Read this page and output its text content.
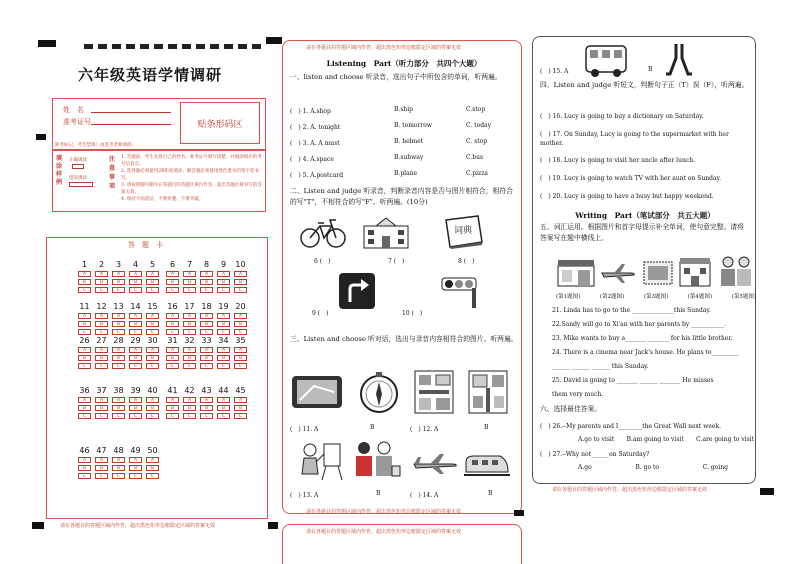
六年级英语学情调研
姓　名
准考证号	贴条形码区
缺考标记，考生禁填！由监考老师填涂。
填涂样例
正确填涂
错误填涂
注意事项
1. 答题前，考生先将自己的姓名、准考证号填写清楚，并填涂相应的考号信息点。
2. 选择题必须使用2B铅笔填涂；解答题必须使用黑色墨水的签字笔书写。
3. 请按照题号顺序在各题目的答题区域内作答，超出答题区域书写的答案无效。
4. 保持卡面清洁，不要折叠、不要弄破。
答　题　卡
1	2	3	4	5
A	A	A	A	A
B	B	B	B	B
C	C	C	C	C
6	7	8	9	10
A	A	A	A	A
B	B	B	B	B
C	C	C	C	C
11 12 13 14 15
A	A	A	A	A
B	B	B	B	B
C	C	C	C	C
16 17 18 19 20
A	A	A	A	A
B	B	B	B	B
C	C	C	C	C
26 27 28 29 30
A	A	A	A	A
B	B	B	B	B
C	C	C	C	C
31 32 33 34 35
A	A	A	A	A
B	B	B	B	B
C	C	C	C	C
36 37 38 39 40
A	A	A	A	A
B	B	B	B	B
C	C	C	C	C
41 42 43 44 45
A	A	A	A	A
B	B	B	B	B
C	C	C	C	C
46 47 48 49 50
A	A	A	A	A
B	B	B	B	B
C	C	C	C	C
请在各题目的答题区域内作答，超出黑色矩形边框限定区域的答案无效
请在各题目的答题区域内作答，超出黑色矩形边框限定区域的答案无效
Listening　Part（听力部分　共四个大题）
一、listen and choose 听录音，选出句子中所包含的单词，听两遍。
(　) 1. A.shop	B.ship	C.stop
(　) 2. A. tonight	B. tomorrow	C. today
(　) 3. A. A must	B. helmet	C. stop
(　) 4. A.space	B.subway	C.bus
(　) 5. A.postcard	B.plane	C.pizza
二、Listen and judge 听录音，判断录音内容是否与图片相符合，相符合的写"T"，不相符合的写"F"。听两遍。(10分)
词典
6 (　)	7 (　)	8 (　)
9 (　)	10 (　)
三、Listen and choose 听对话，选出与录音内容相符合的图片。听两遍。
(　) 11. A	B	(　) 12. A	B
(　) 13. A	B	(　) 14. A	B
请在各题目的答题区域内作答，超出黑色矩形边框限定区域的答案无效
请在各题目的答题区域内作答，超出黑色矩形边框限定区域的答案无效
(　) 15. A	B
四、Listen and judge 听短文，判断句子正（T）误（F），听两遍。
(　) 16. Lucy is going to buy a dictionary on Saturday.
(　) 17. On Sunday, Lucy is going to the supermarket with her mother.
(　) 18. Lucy is going to visit her uncle after lunch.
(　) 19. Lucy is going to watch TV with her aunt on Sunday.
(　) 20. Lucy is going to have a busy but happy weekend.
Writing　Part（笔试部分　共五大题）
五、词汇运用。根据图片和首字母提示补全单词，使句意完整。请将答案写在题中横线上。
(第1题图)	(第2题图)	(第3题图)	(第4题图)	(第5题图)
21. Linda has to go to the ______________this Sunday.
22.Sandy will go to Xi'an with her parents by ___________.
23. Mike wants to buy a_______ _______ for his little brother.
24. There is a cinema near Jack's house. He plans to_________
______ ______ ______ this Sunday.
25. David is going to _______ ______ _______ He misses
them very much.
六、选择最佳答案。
(　) 26.--My parents and I________the Great Wall next week.
A.go to visit B.am going to visit C.are going to visit
(　) 27.--Why not______on Saturday?
A.go	B. go to	C. going
请在各题目的答题区域内作答，超出黑色矩形边框限定区域的答案无效
